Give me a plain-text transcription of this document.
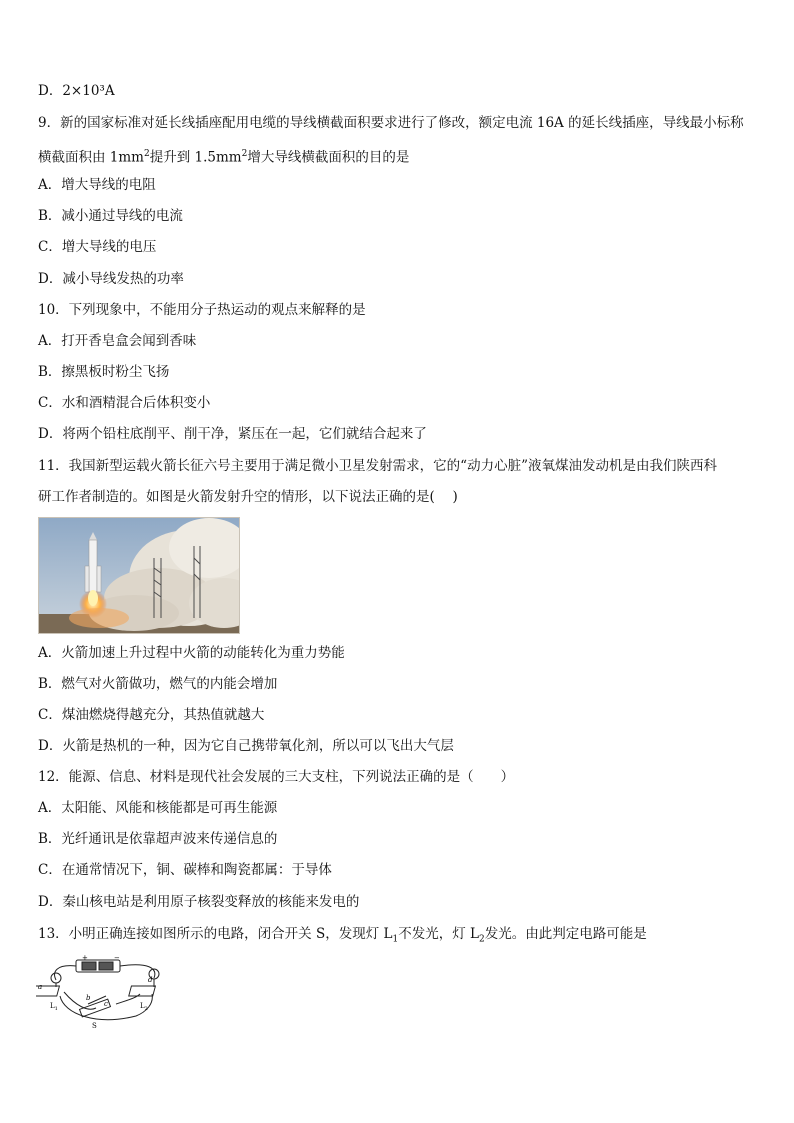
D．2×10³A
9．新的国家标准对延长线插座配用电缆的导线横截面积要求进行了修改，额定电流 16A 的延长线插座，导线最小标称
横截面积由 $1mm^2$提升到 $1.5mm^2$增大导线横截面积的目的是
A．增大导线的电阻
B．减小通过导线的电流
C．增大导线的电压
D．减小导线发热的功率
10．下列现象中，不能用分子热运动的观点来解释的是
A．打开香皂盒会闻到香味
B．擦黑板时粉尘飞扬
C．水和酒精混合后体积变小
D．将两个铅柱底削平、削干净，紧压在一起，它们就结合起来了
11．我国新型运载火箭长征六号主要用于满足微小卫星发射需求，它的“动力心脏”液氧煤油发动机是由我们陕西科
研工作者制造的。如图是火箭发射升空的情形，以下说法正确的是(　 )
A．火箭加速上升过程中火箭的动能转化为重力势能
B．燃气对火箭做功，燃气的内能会增加
C．煤油燃烧得越充分，其热值就越大
D．火箭是热机的一种，因为它自己携带氧化剂，所以可以飞出大气层
12．能源、信息、材料是现代社会发展的三大支柱，下列说法正确的是（　　）
A．太阳能、风能和核能都是可再生能源
B．光纤通讯是依靠超声波来传递信息的
C．在通常情况下，铜、碳棒和陶瓷都属：于导体
D．秦山核电站是利用原子核裂变释放的核能来发电的
13．小明正确连接如图所示的电路，闭合开关 S，发现灯 $L_1$不发光，灯 $L_2$发光。由此判定电路可能是
a
b
c
d
+	−
$L_1$	$L_2$
S
